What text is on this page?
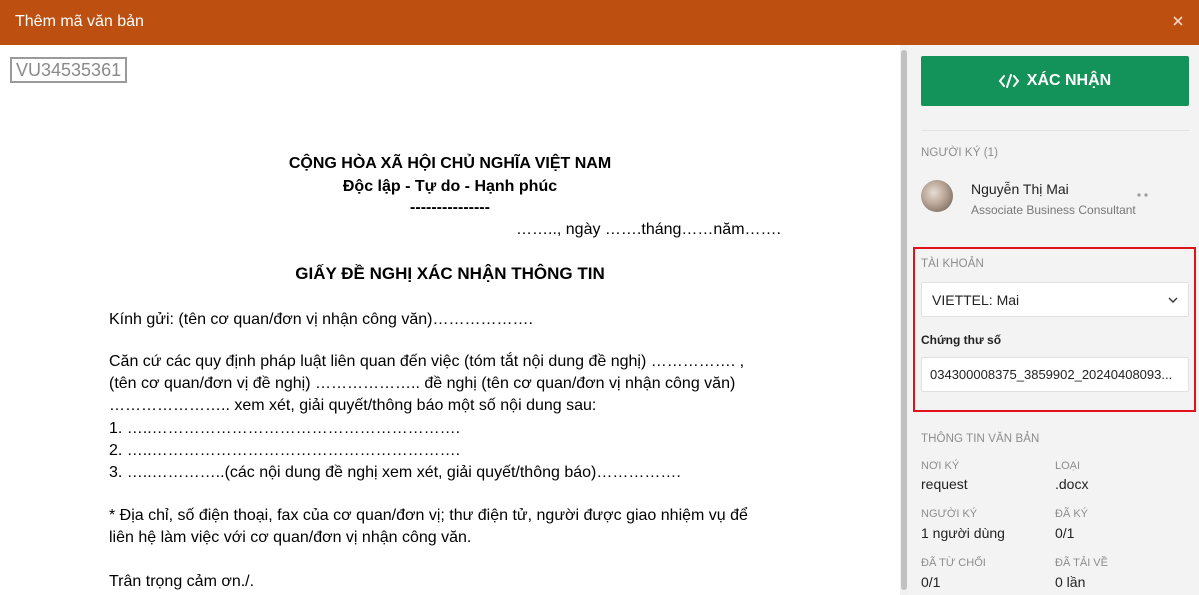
Thêm mã văn bản
VU34535361
CỘNG HÒA XÃ HỘI CHỦ NGHĨA VIỆT NAM
Độc lập - Tự do - Hạnh phúc
---------------
…….., ngày …….tháng……năm…….
GIẤY ĐỀ NGHỊ XÁC NHẬN THÔNG TIN
Kính gửi: (tên cơ quan/đơn vị nhận công văn)……………….
Căn cứ các quy định pháp luật liên quan đến việc (tóm tắt nội dung đề nghị) ……………. ,
(tên cơ quan/đơn vị đề nghị) ……………….. đề nghị (tên cơ quan/đơn vị nhận công văn)
………………….. xem xét, giải quyết/thông báo một số nội dung sau:
1. …..………………………………………………….
2. …..………………………………………………….
3. …..…………..(các nội dung đề nghị xem xét, giải quyết/thông báo)…………….
* Địa chỉ, số điện thoại, fax của cơ quan/đơn vị; thư điện tử, người được giao nhiệm vụ để
liên hệ làm việc với cơ quan/đơn vị nhận công văn.
Trân trọng cảm ơn./.
XÁC NHẬN
NGƯỜI KÝ (1)
Nguyễn Thị Mai
Associate Business Consultant
TÀI KHOẢN
VIETTEL: Mai
Chứng thư số
034300008375_3859902_20240408093...
THÔNG TIN VĂN BẢN
NƠI KÝ
request
LOẠI
.docx
NGƯỜI KÝ
1 người dùng
ĐÃ KÝ
0/1
ĐÃ TỪ CHỐI
0/1
ĐÃ TẢI VỀ
0 lần
